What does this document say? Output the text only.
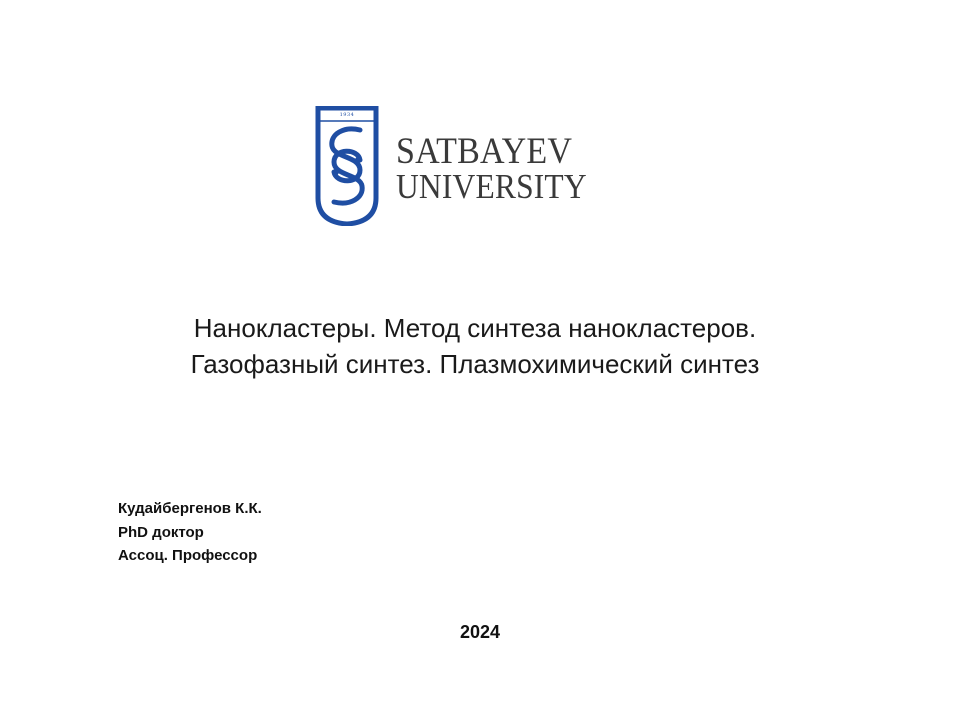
1934
SATBAYEV
UNIVERSITY
Нанокластеры. Метод синтеза нанокластеров.
Газофазный синтез. Плазмохимический синтез
Кудайбергенов К.К.
PhD доктор
Ассоц. Профессор
2024
